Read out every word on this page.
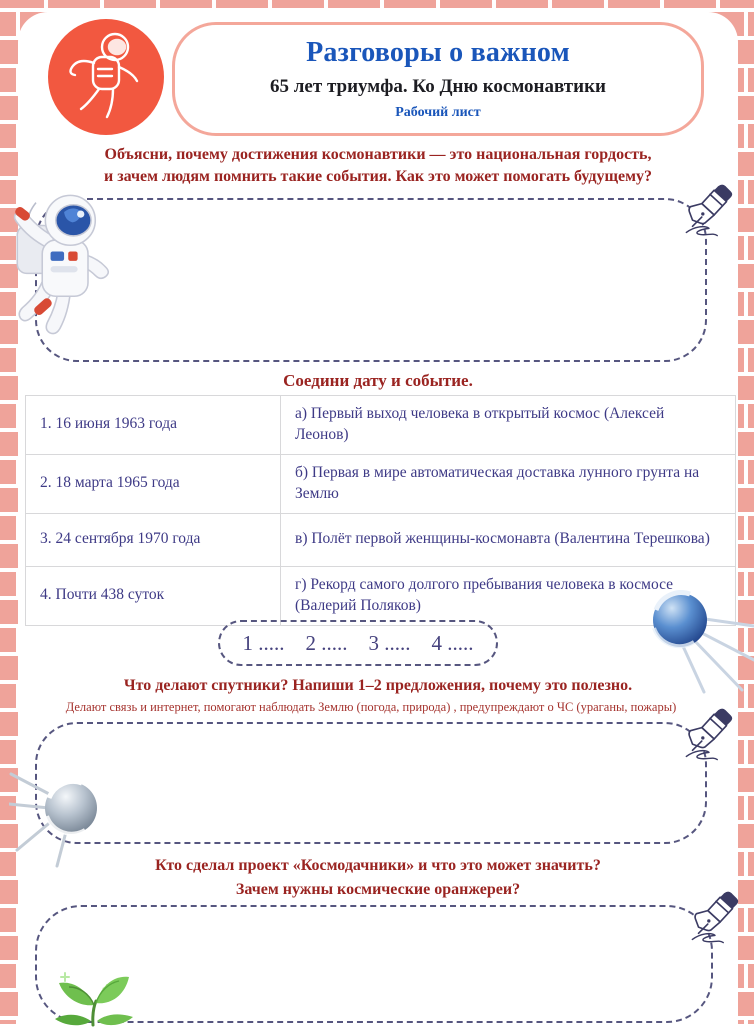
Разговоры о важном
65 лет триумфа. Ко Дню космонавтики
Рабочий лист
Объясни, почему достижения космонавтики — это национальная гордость, и зачем людям помнить такие события. Как это может помогать будущему?
Соедини дату и событие.
1. 16 июня 1963 года
а) Первый выход человека в открытый космос (Алексей Леонов)
2. 18 марта 1965 года
б) Первая в мире автоматическая доставка лунного грунта на Землю
3. 24 сентября 1970 года	в) Полёт первой женщины-космонавта (Валентина Терешкова)
4. Почти 438 суток
г) Рекорд самого долгого пребывания человека в космосе (Валерий Поляков)
1 .....    2 .....    3 .....    4 .....
Что делают спутники? Напиши 1–2 предложения, почему это полезно.
Делают связь и интернет, помогают наблюдать Землю (погода, природа) , предупреждают о ЧС (ураганы, пожары)
Кто сделал проект «Космодачники» и что это может значить?
Зачем нужны космические оранжереи?
